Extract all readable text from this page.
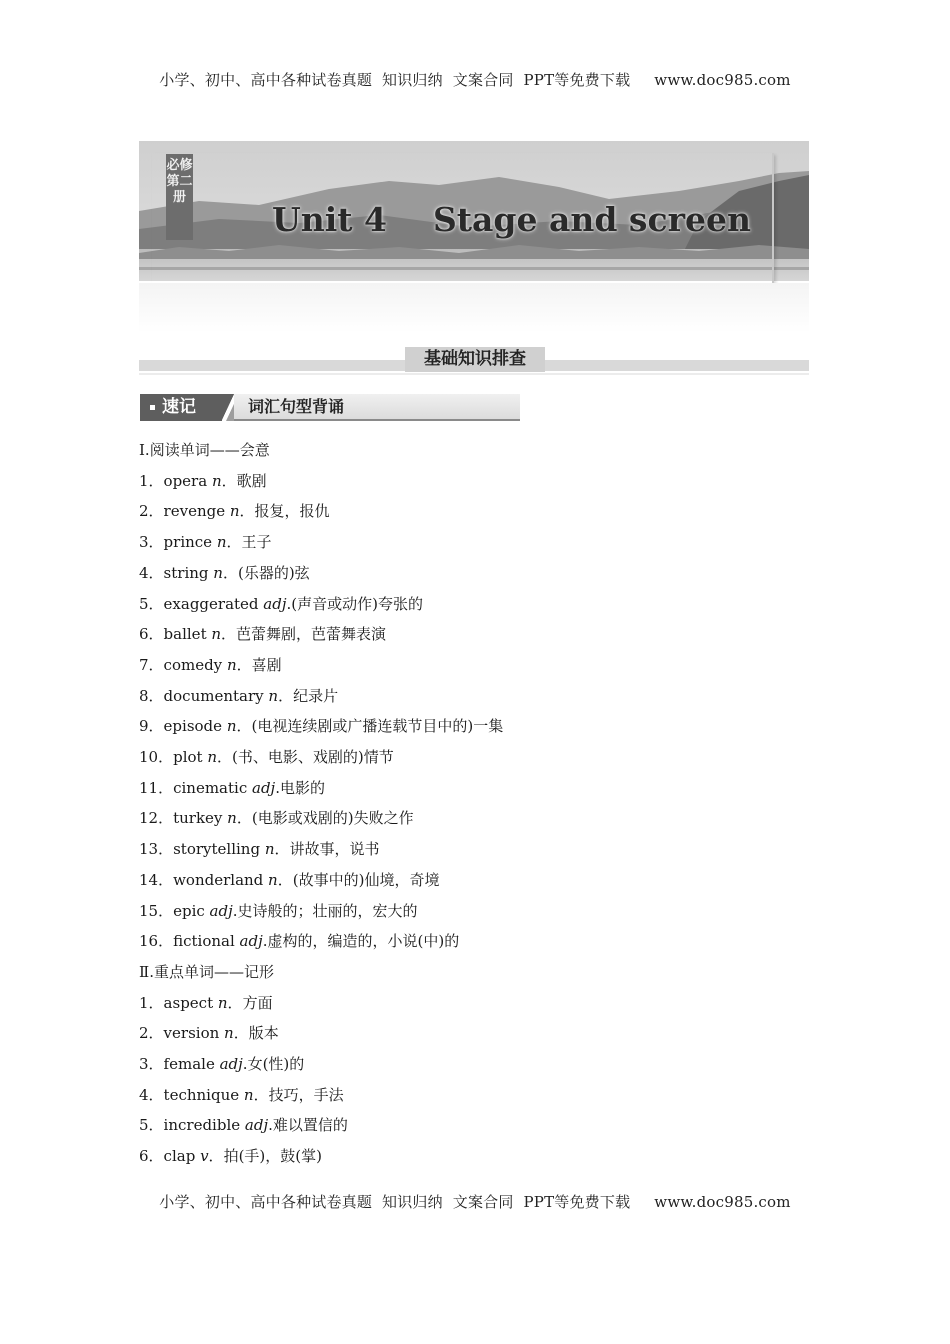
小学、初中、高中各种试卷真题  知识归纳  文案合同  PPT等免费下载 www.doc985.com
必修第二册
Unit 4    Stage and screen
基础知识排查
速记	词汇句型背诵
Ⅰ.阅读单词——会意
1．opera n．歌剧
2．revenge n．报复，报仇
3．prince n．王子
4．string n．(乐器的)弦
5．exaggerated adj.(声音或动作)夸张的
6．ballet n．芭蕾舞剧，芭蕾舞表演
7．comedy n．喜剧
8．documentary n．纪录片
9．episode n．(电视连续剧或广播连载节目中的)一集
10．plot n．(书、电影、戏剧的)情节
11．cinematic adj.电影的
12．turkey n．(电影或戏剧的)失败之作
13．storytelling n．讲故事，说书
14．wonderland n．(故事中的)仙境，奇境
15．epic adj.史诗般的；壮丽的，宏大的
16．fictional adj.虚构的，编造的，小说(中)的
Ⅱ.重点单词——记形
1．aspect n．方面
2．version n．版本
3．female adj.女(性)的
4．technique n．技巧，手法
5．incredible adj.难以置信的
6．clap v．拍(手)，鼓(掌)
小学、初中、高中各种试卷真题  知识归纳  文案合同  PPT等免费下载 www.doc985.com
